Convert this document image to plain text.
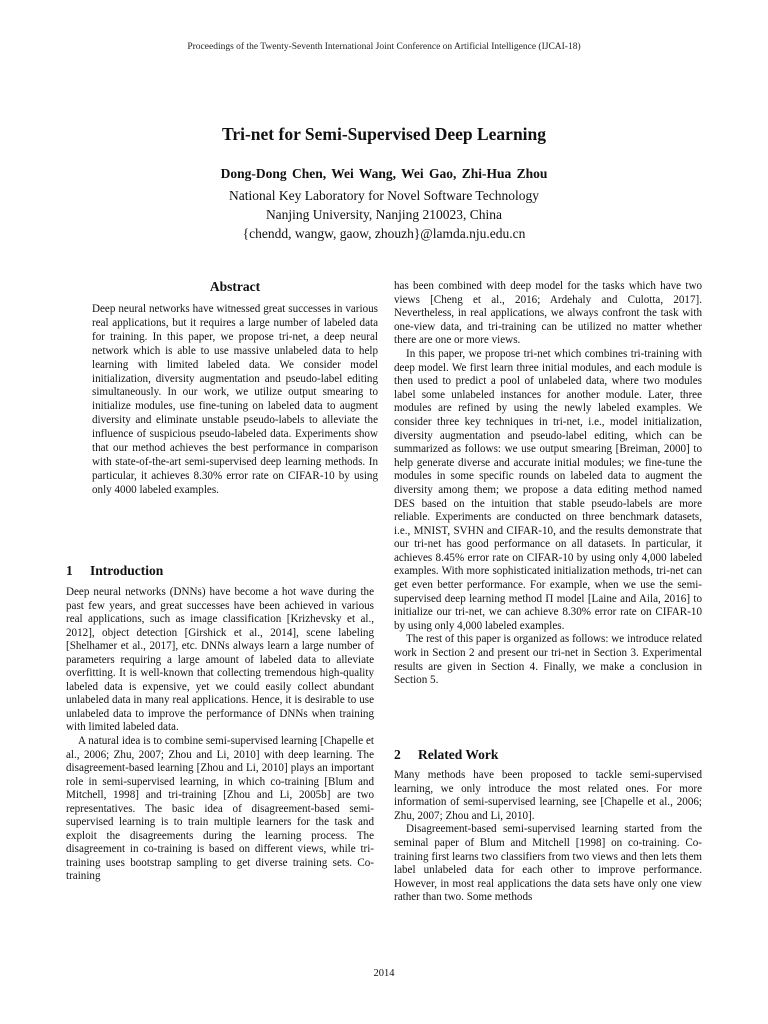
Proceedings of the Twenty-Seventh International Joint Conference on Artificial Intelligence (IJCAI-18)
Tri-net for Semi-Supervised Deep Learning
Dong-Dong Chen, Wei Wang, Wei Gao, Zhi-Hua Zhou
National Key Laboratory for Novel Software Technology
Nanjing University, Nanjing 210023, China
{chendd, wangw, gaow, zhouzh}@lamda.nju.edu.cn
Abstract

Deep neural networks have witnessed great successes in various real applications, but it requires a large number of labeled data for training. In this paper, we propose tri-net, a deep neural network which is able to use massive unlabeled data to help learning with limited labeled data. We consider model initialization, diversity augmentation and pseudo-label editing simultaneously. In our work, we utilize output smearing to initialize modules, use fine-tuning on labeled data to augment diversity and eliminate unstable pseudo-labels to alleviate the influence of suspicious pseudo-labeled data. Experiments show that our method achieves the best performance in comparison with state-of-the-art semi-supervised deep learning methods. In particular, it achieves 8.30% error rate on CIFAR-10 by using only 4000 labeled examples.

1 Introduction

Deep neural networks (DNNs) have become a hot wave during the past few years, and great successes have been achieved in various real applications, such as image classification [Krizhevsky et al., 2012], object detection [Girshick et al., 2014], scene labeling [Shelhamer et al., 2017], etc. DNNs always learn a large number of parameters requiring a large amount of labeled data to alleviate overfitting. It is well-known that collecting tremendous high-quality labeled data is expensive, yet we could easily collect abundant unlabeled data in many real applications. Hence, it is desirable to use unlabeled data to improve the performance of DNNs when training with limited labeled data.

A natural idea is to combine semi-supervised learning [Chapelle et al., 2006; Zhu, 2007; Zhou and Li, 2010] with deep learning. The disagreement-based learning [Zhou and Li, 2010] plays an important role in semi-supervised learning, in which co-training [Blum and Mitchell, 1998] and tri-training [Zhou and Li, 2005b] are two representatives. The basic idea of disagreement-based semi-supervised learning is to train multiple learners for the task and exploit the disagreements during the learning process. The disagreement in co-training is based on different views, while tri-training uses bootstrap sampling to get diverse training sets. Co-training

has been combined with deep model for the tasks which have two views [Cheng et al., 2016; Ardehaly and Culotta, 2017]. Nevertheless, in real applications, we always confront the task with one-view data, and tri-training can be utilized no matter whether there are one or more views.

In this paper, we propose tri-net which combines tri-training with deep model. We first learn three initial modules, and each module is then used to predict a pool of unlabeled data, where two modules label some unlabeled instances for another module. Later, three modules are refined by using the newly labeled examples. We consider three key techniques in tri-net, i.e., model initialization, diversity augmentation and pseudo-label editing, which can be summarized as follows: we use output smearing [Breiman, 2000] to help generate diverse and accurate initial modules; we fine-tune the modules in some specific rounds on labeled data to augment the diversity among them; we propose a data editing method named DES based on the intuition that stable pseudo-labels are more reliable. Experiments are conducted on three benchmark datasets, i.e., MNIST, SVHN and CIFAR-10, and the results demonstrate that our tri-net has good performance on all datasets. In particular, it achieves 8.45% error rate on CIFAR-10 by using only 4,000 labeled examples. With more sophisticated initialization methods, tri-net can get even better performance. For example, when we use the semi-supervised deep learning method Π model [Laine and Aila, 2016] to initialize our tri-net, we can achieve 8.30% error rate on CIFAR-10 by using only 4,000 labeled examples.

The rest of this paper is organized as follows: we introduce related work in Section 2 and present our tri-net in Section 3. Experimental results are given in Section 4. Finally, we make a conclusion in Section 5.

2 Related Work

Many methods have been proposed to tackle semi-supervised learning, we only introduce the most related ones. For more information of semi-supervised learning, see [Chapelle et al., 2006; Zhu, 2007; Zhou and Li, 2010].

Disagreement-based semi-supervised learning started from the seminal paper of Blum and Mitchell [1998] on co-training. Co-training first learns two classifiers from two views and then lets them label unlabeled data for each other to improve performance. However, in most real applications the data sets have only one view rather than two. Some methods

2014
